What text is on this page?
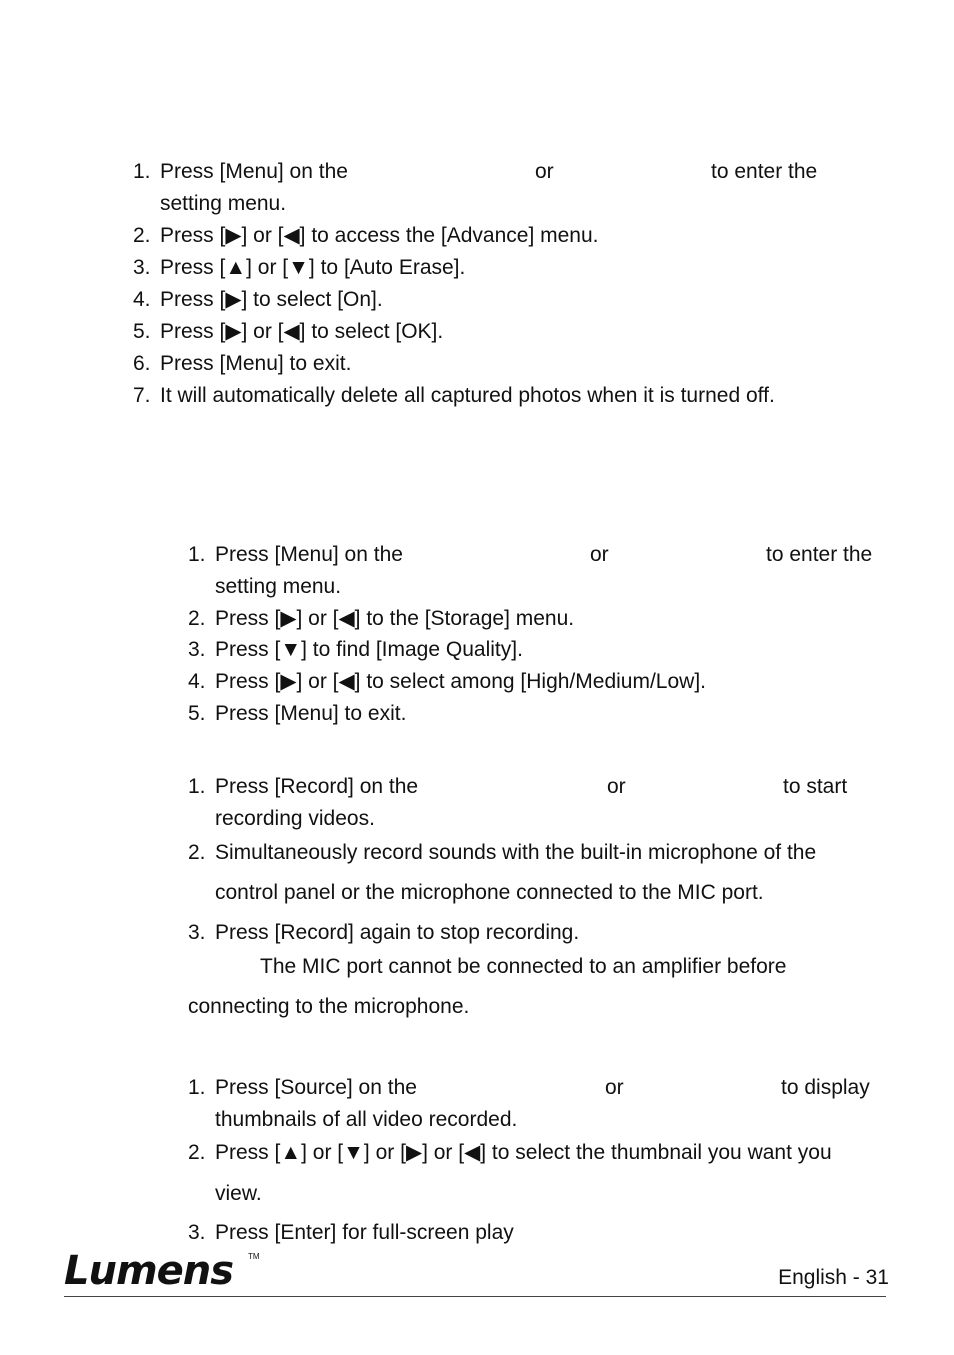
1. Press [Menu] on the	or	to enter the
setting menu.
2. Press [▶] or [◀] to access the [Advance] menu.
3. Press [▲] or [▼] to [Auto Erase].
4. Press [▶] to select [On].
5. Press [▶] or [◀] to select [OK].
6. Press [Menu] to exit.
7. It will automatically delete all captured photos when it is turned off.
1. Press [Menu] on the	or	to enter the
setting menu.
2. Press [▶] or [◀] to the [Storage] menu.
3. Press [▼] to find [Image Quality].
4. Press [▶] or [◀] to select among [High/Medium/Low].
5. Press [Menu] to exit.
1. Press [Record] on the	or	to start
recording videos.
2. Simultaneously record sounds with the built-in microphone of the
control panel or the microphone connected to the MIC port.
3. Press [Record] again to stop recording.
The MIC port cannot be connected to an amplifier before
connecting to the microphone.
1. Press [Source] on the	or	to display
thumbnails of all video recorded.
2. Press [▲] or [▼] or [▶] or [◀] to select the thumbnail you want you
view.
3. Press [Enter] for full-screen play
Lumens TM
English - 31
